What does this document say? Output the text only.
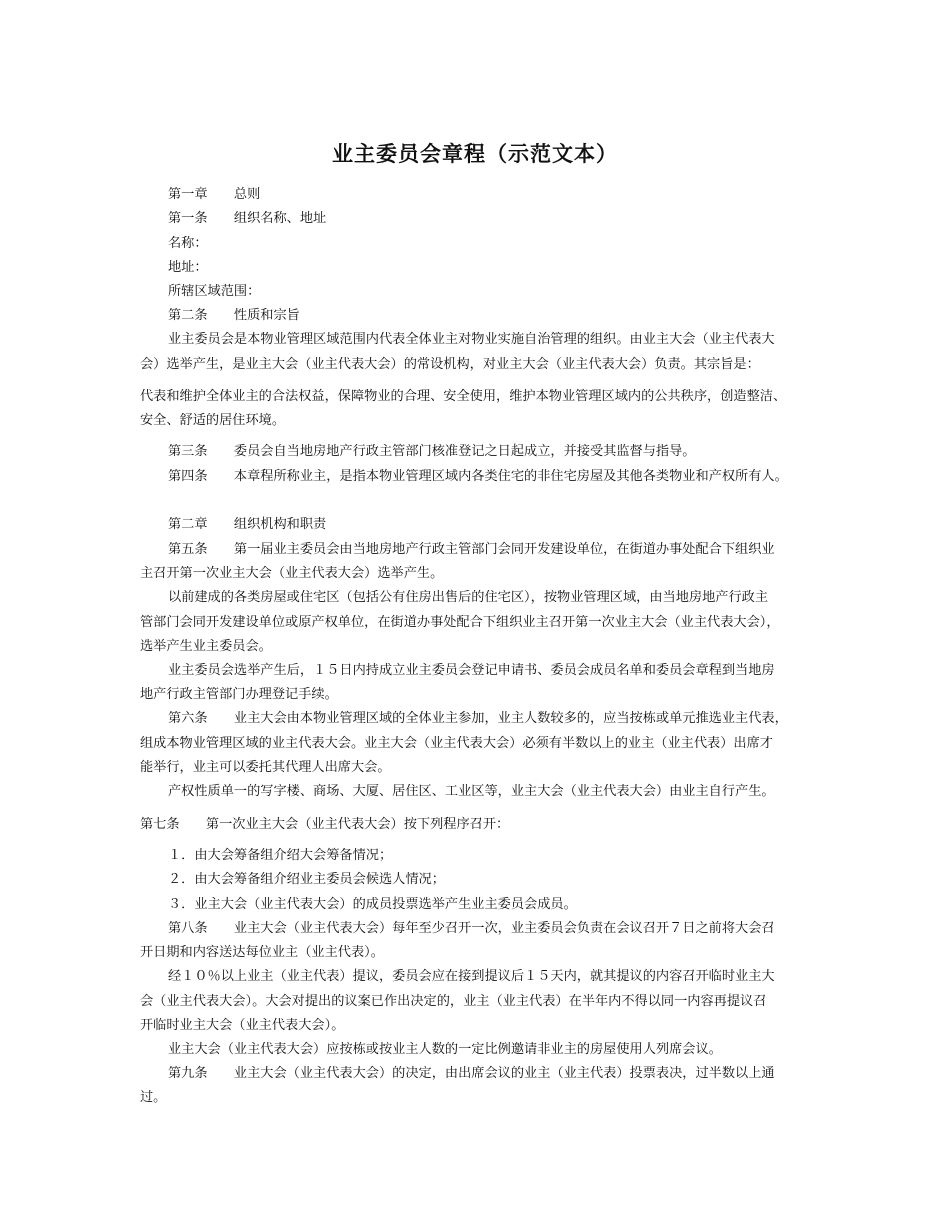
业主委员会章程（示范文本）
第一章　　总则
第一条　　组织名称、地址
名称：
地址：
所辖区域范围：
第二条　　性质和宗旨
业主委员会是本物业管理区域范围内代表全体业主对物业实施自治管理的组织。由业主大会（业主代表大
会）选举产生，是业主大会（业主代表大会）的常设机构，对业主大会（业主代表大会）负责。其宗旨是：
代表和维护全体业主的合法权益，保障物业的合理、安全使用，维护本物业管理区域内的公共秩序，创造整洁、
安全、舒适的居住环境。
第三条　　委员会自当地房地产行政主管部门核准登记之日起成立，并接受其监督与指导。
第四条　　本章程所称业主，是指本物业管理区域内各类住宅的非住宅房屋及其他各类物业和产权所有人。
第二章　　组织机构和职责
第五条　　第一届业主委员会由当地房地产行政主管部门会同开发建设单位，在街道办事处配合下组织业
主召开第一次业主大会（业主代表大会）选举产生。
以前建成的各类房屋或住宅区（包括公有住房出售后的住宅区），按物业管理区域，由当地房地产行政主
管部门会同开发建设单位或原产权单位，在街道办事处配合下组织业主召开第一次业主大会（业主代表大会），
选举产生业主委员会。
业主委员会选举产生后，１５日内持成立业主委员会登记申请书、委员会成员名单和委员会章程到当地房
地产行政主管部门办理登记手续。
第六条　　业主大会由本物业管理区域的全体业主参加，业主人数较多的，应当按栋或单元推选业主代表，
组成本物业管理区域的业主代表大会。业主大会（业主代表大会）必须有半数以上的业主（业主代表）出席才
能举行，业主可以委托其代理人出席大会。
产权性质单一的写字楼、商场、大厦、居住区、工业区等，业主大会（业主代表大会）由业主自行产生。
第七条　　第一次业主大会（业主代表大会）按下列程序召开：
１．由大会筹备组介绍大会筹备情况；
２．由大会筹备组介绍业主委员会候选人情况；
３．业主大会（业主代表大会）的成员投票选举产生业主委员会成员。
第八条　　业主大会（业主代表大会）每年至少召开一次，业主委员会负责在会议召开７日之前将大会召
开日期和内容送达每位业主（业主代表）。
经１０％以上业主（业主代表）提议，委员会应在接到提议后１５天内，就其提议的内容召开临时业主大
会（业主代表大会）。大会对提出的议案已作出决定的，业主（业主代表）在半年内不得以同一内容再提议召
开临时业主大会（业主代表大会）。
业主大会（业主代表大会）应按栋或按业主人数的一定比例邀请非业主的房屋使用人列席会议。
第九条　　业主大会（业主代表大会）的决定，由出席会议的业主（业主代表）投票表决，过半数以上通
过。
